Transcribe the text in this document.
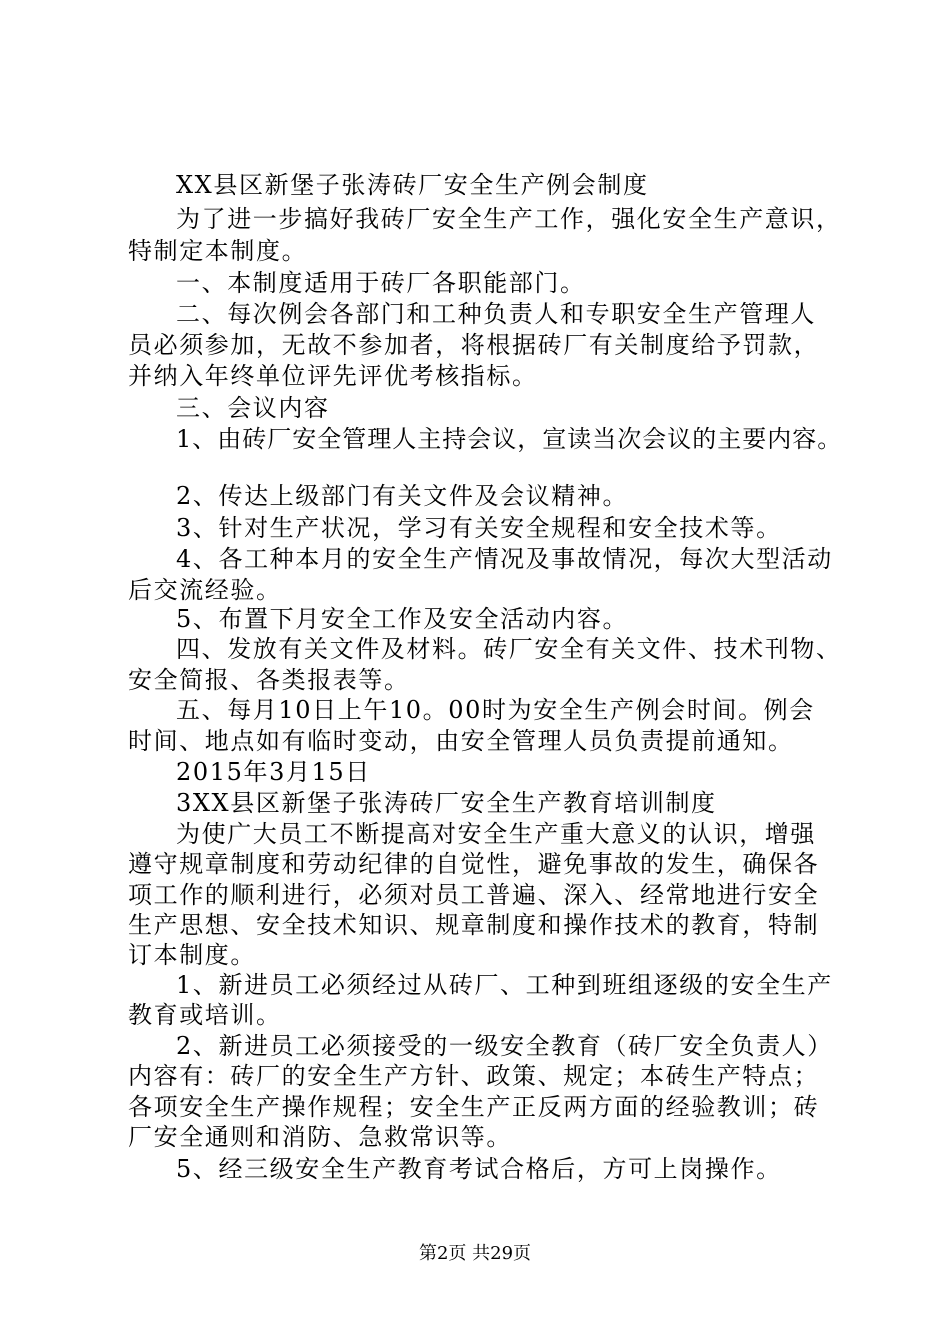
XX县区新堡子张涛砖厂安全生产例会制度

为了进一步搞好我砖厂安全生产工作，强化安全生产意识，

特制定本制度。

一、本制度适用于砖厂各职能部门。

二、每次例会各部门和工种负责人和专职安全生产管理人

员必须参加，无故不参加者，将根据砖厂有关制度给予罚款，

并纳入年终单位评先评优考核指标。

三、会议内容

1、由砖厂安全管理人主持会议，宣读当次会议的主要内容。

2、传达上级部门有关文件及会议精神。

3、针对生产状况，学习有关安全规程和安全技术等。

4、各工种本月的安全生产情况及事故情况，每次大型活动

后交流经验。

5、布置下月安全工作及安全活动内容。

四、发放有关文件及材料。砖厂安全有关文件、技术刊物、

安全简报、各类报表等。

五、每月10日上午10。00时为安全生产例会时间。例会

时间、地点如有临时变动，由安全管理人员负责提前通知。

2015年3月15日

3XX县区新堡子张涛砖厂安全生产教育培训制度

为使广大员工不断提高对安全生产重大意义的认识，增强

遵守规章制度和劳动纪律的自觉性，避免事故的发生，确保各

项工作的顺利进行，必须对员工普遍、深入、经常地进行安全

生产思想、安全技术知识、规章制度和操作技术的教育，特制

订本制度。

1、新进员工必须经过从砖厂、工种到班组逐级的安全生产

教育或培训。

2、新进员工必须接受的一级安全教育（砖厂安全负责人）

内容有：砖厂的安全生产方针、政策、规定；本砖生产特点；

各项安全生产操作规程；安全生产正反两方面的经验教训；砖

厂安全通则和消防、急救常识等。

5、经三级安全生产教育考试合格后，方可上岗操作。

第2页 共29页
